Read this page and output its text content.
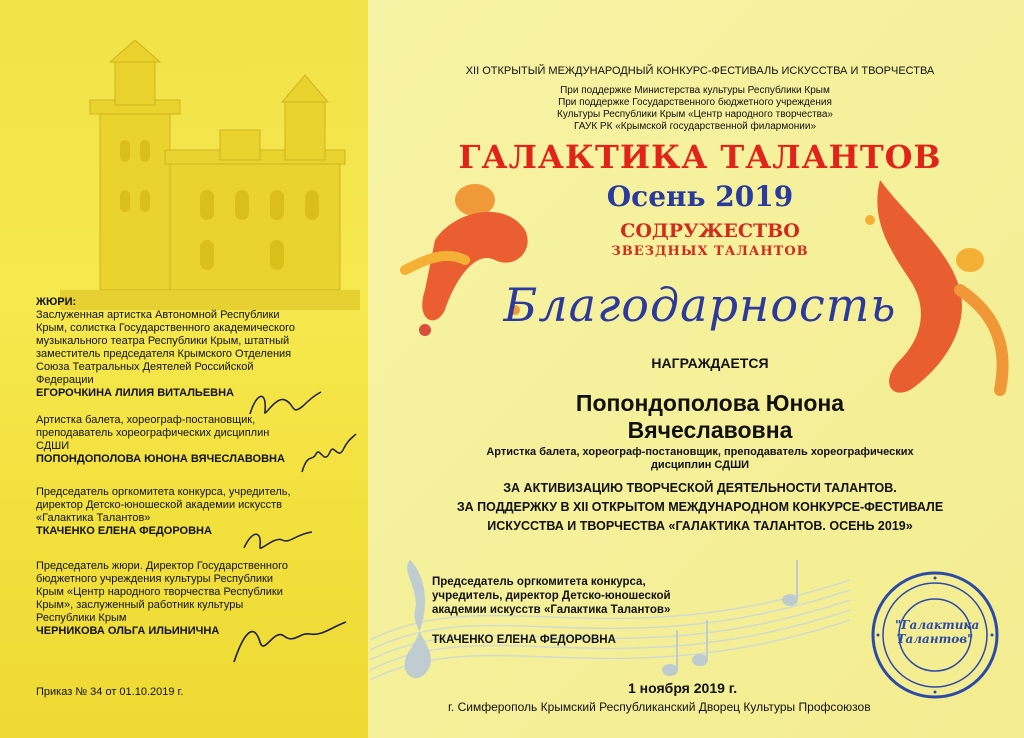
ЖЮРИ:
Заслуженная артистка Автономной Республики
Крым, солистка Государственного академического
музыкального театра Республики Крым, штатный
заместитель председателя Крымского Отделения
Союза Театральных Деятелей Российской
Федерации
ЕГОРОЧКИНА ЛИЛИЯ ВИТАЛЬЕВНА
Артистка балета, хореограф-постановщик,
преподаватель хореографических дисциплин
СДШИ
ПОПОНДОПОЛОВА ЮНОНА ВЯЧЕСЛАВОВНА
Председатель оргкомитета конкурса, учредитель,
директор Детско-юношеской академии искусств
«Галактика Талантов»
ТКАЧЕНКО ЕЛЕНА ФЕДОРОВНА
Председатель жюри. Директор Государственного
бюджетного учреждения культуры Республики
Крым «Центр народного творчества Республики
Крым», заслуженный работник культуры
Республики Крым
ЧЕРНИКОВА ОЛЬГА ИЛЬИНИЧНА
Приказ № 34 от 01.10.2019 г.
XII ОТКРЫТЫЙ МЕЖДУНАРОДНЫЙ КОНКУРС-ФЕСТИВАЛЬ ИСКУССТВА И ТВОРЧЕСТВА
При поддержке Министерства культуры Республики Крым
При поддержке Государственного бюджетного учреждения
Культуры Республики Крым «Центр народного творчества»
ГАУК РК «Крымской государственной филармонии»
ГАЛАКТИКА ТАЛАНТОВ
Осень 2019
СОДРУЖЕСТВО
ЗВЕЗДНЫХ ТАЛАНТОВ
Благодарность
НАГРАЖДАЕТСЯ
Попондополова Юнона
Вячеславовна
Артистка балета, хореограф-постановщик, преподаватель хореографических
дисциплин СДШИ
ЗА АКТИВИЗАЦИЮ ТВОРЧЕСКОЙ ДЕЯТЕЛЬНОСТИ ТАЛАНТОВ.
ЗА ПОДДЕРЖКУ В XII ОТКРЫТОМ МЕЖДУНАРОДНОМ КОНКУРСЕ-ФЕСТИВАЛЕ
ИСКУССТВА И ТВОРЧЕСТВА «ГАЛАКТИКА ТАЛАНТОВ. ОСЕНЬ 2019»
Председатель оргкомитета конкурса,
учредитель, директор Детско-юношеской
академии искусств «Галактика Талантов»
ТКАЧЕНКО ЕЛЕНА ФЕДОРОВНА
1 ноября 2019 г.
г. Симферополь Крымский Республиканский Дворец Культуры Профсоюзов
"Галактика Талантов"
